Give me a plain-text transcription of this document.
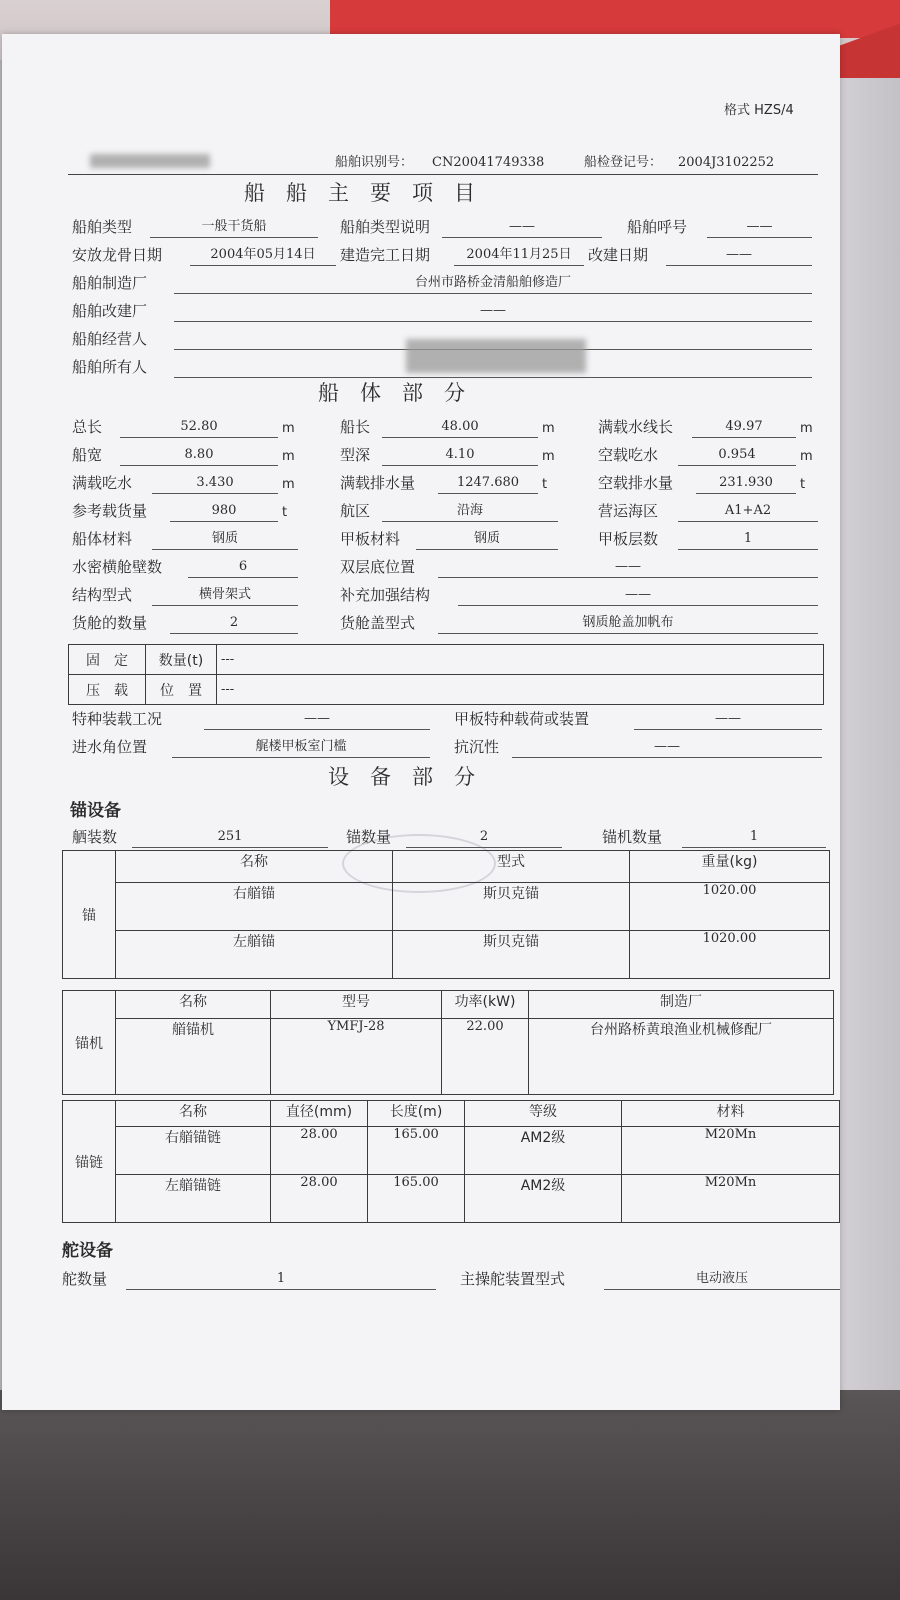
格式 HZS/4
船舶识别号： CN20041749338	船检登记号： 2004J3102252
船　船　主　要　项　目
船舶类型	一般干货船	船舶类型说明	——	船舶呼号	——
安放龙骨日期	2004年05月14日	建造完工日期	2004年11月25日	改建日期	——
船舶制造厂	台州市路桥金清船舶修造厂
船舶改建厂	——
船舶经营人
船舶所有人
船　体　部　分
总长	52.80	m	船长	48.00	m	满载水线长	49.97	m
船宽	8.80	m	型深	4.10	m	空载吃水	0.954	m
满载吃水	3.430	m	满载排水量	1247.680	t	空载排水量	231.930	t
参考载货量	980	t	航区	沿海	营运海区	A1+A2
船体材料	钢质	甲板材料	钢质	甲板层数	1
水密横舱壁数	6	双层底位置	——
结构型式	横骨架式	补充加强结构	——
货舱的数量	2	货舱盖型式	钢质舱盖加帆布
固　定	数量(t)	---
压　载	位　置	---
特种装载工况	——	甲板特种载荷或装置	——
进水角位置	艉楼甲板室门槛	抗沉性	——
设　备　部　分
锚设备
舾装数	251	锚数量	2	锚机数量	1
锚	名称	型式	重量(kg)
	右艏锚	斯贝克锚	1020.00
	左艏锚	斯贝克锚	1020.00
锚机	名称	型号	功率(kW)	制造厂
	艏锚机	YMFJ-28	22.00	台州路桥黄琅渔业机械修配厂
锚链	名称	直径(mm)	长度(m)	等级	材料
	右艏锚链	28.00	165.00	AM2级	M20Mn
	左艏锚链	28.00	165.00	AM2级	M20Mn
舵设备
舵数量	1	主操舵装置型式	电动液压
